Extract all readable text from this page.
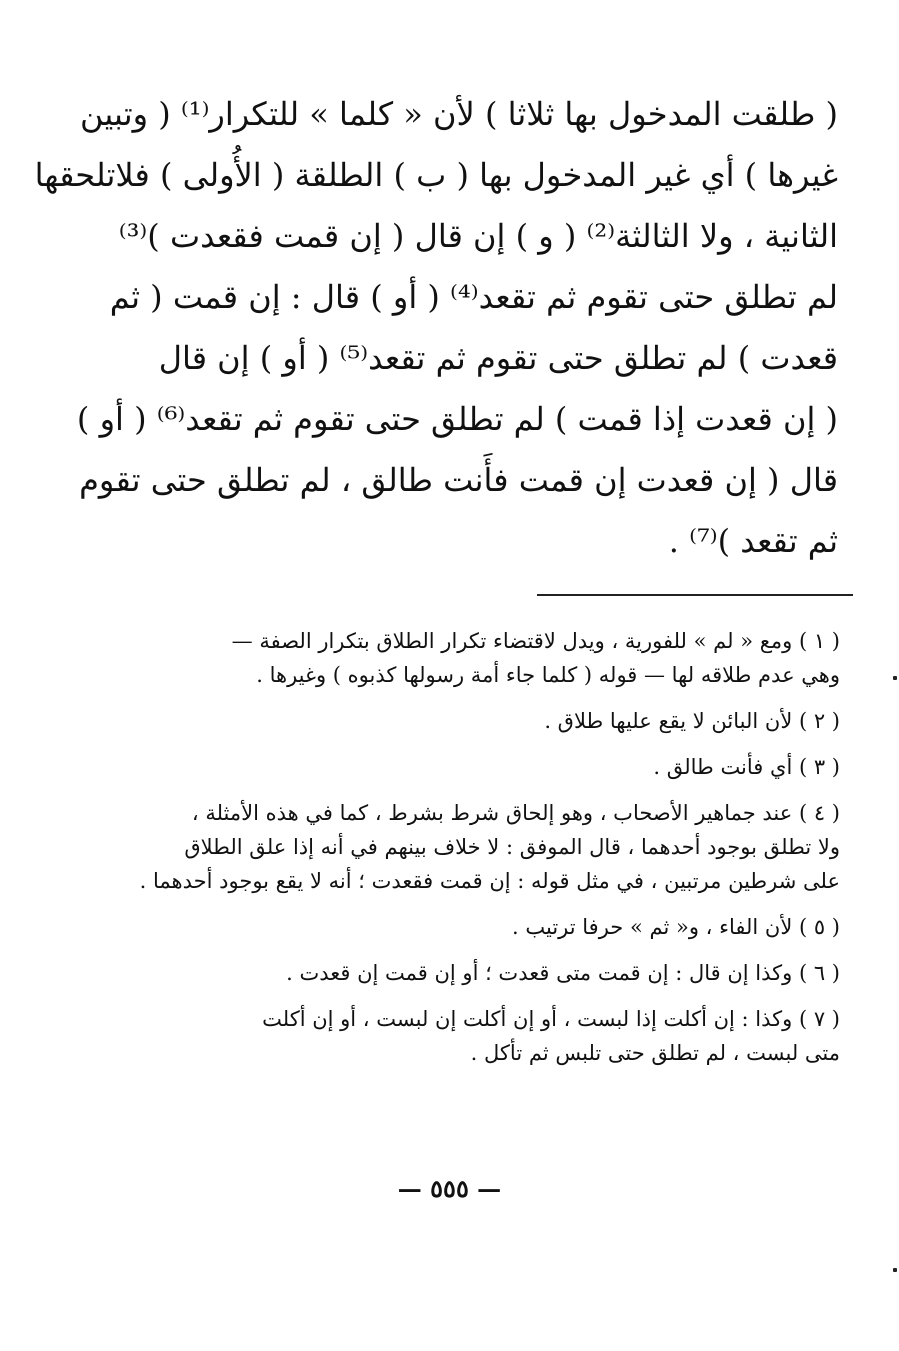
( طلقت المدخول بها ثلاثا ) لأن « كلما » للتكرار⁽¹⁾ ( وتبين
غيرها ) أي غير المدخول بها ( ب ) الطلقة ( الأُولى ) فلاتلحقها
الثانية ، ولا الثالثة⁽²⁾ ( و ) إن قال ( إن قمت فقعدت )⁽³⁾
لم تطلق حتى تقوم ثم تقعد⁽⁴⁾ ( أو ) قال : إن قمت ( ثم
قعدت ) لم تطلق حتى تقوم ثم تقعد⁽⁵⁾ ( أو ) إن قال
( إن قعدت إذا قمت ) لم تطلق حتى تقوم ثم تقعد⁽⁶⁾ ( أو )
قال ( إن قعدت إن قمت فأَنت طالق ، لم تطلق حتى تقوم
ثم تقعد )⁽⁷⁾ .
( ١ ) ومع « لم » للفورية ، ويدل لاقتضاء تكرار الطلاق بتكرار الصفة —
وهي عدم طلاقه لها — قوله ( كلما جاء أمة رسولها كذبوه ) وغيرها .
( ٢ ) لأن البائن لا يقع عليها طلاق .
( ٣ ) أي فأنت طالق .
( ٤ ) عند جماهير الأصحاب ، وهو إلحاق شرط بشرط ، كما في هذه الأمثلة ،
ولا تطلق بوجود أحدهما ، قال الموفق : لا خلاف بينهم في أنه إذا علق الطلاق
على شرطين مرتبين ، في مثل قوله : إن قمت فقعدت ؛ أنه لا يقع بوجود أحدهما .
( ٥ ) لأن الفاء ، و« ثم » حرفا ترتيب .
( ٦ ) وكذا إن قال : إن قمت متى قعدت ؛ أو إن قمت إن قعدت .
( ٧ ) وكذا : إن أكلت إذا لبست ، أو إن أكلت إن لبست ، أو إن أكلت
متى لبست ، لم تطلق حتى تلبس ثم تأكل .
— ٥٥٥ —
